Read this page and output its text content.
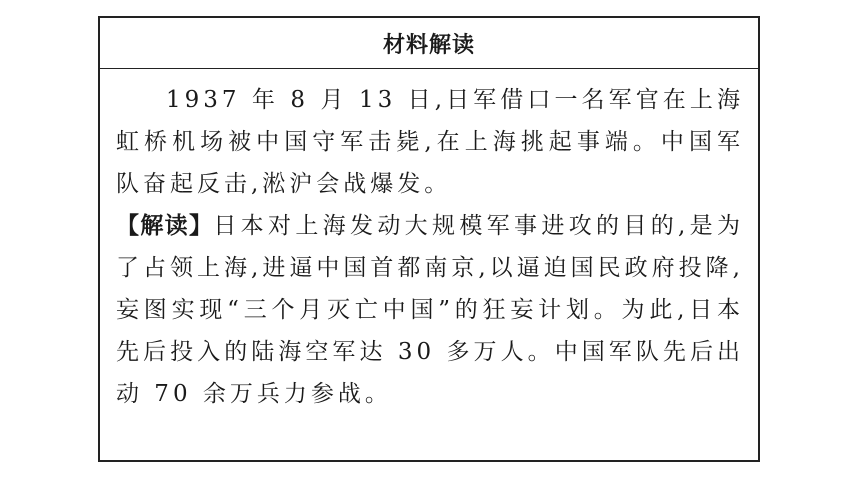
材料解读

1937 年 8 月 13 日,日军借口一名军官在上海虹桥机场被中国守军击毙,在上海挑起事端。中国军队奋起反击,淞沪会战爆发。

【解读】日本对上海发动大规模军事进攻的目的,是为了占领上海,进逼中国首都南京,以逼迫国民政府投降,妄图实现“三个月灭亡中国”的狂妄计划。为此,日本先后投入的陆海空军达 30 多万人。中国军队先后出动 70 余万兵力参战。
